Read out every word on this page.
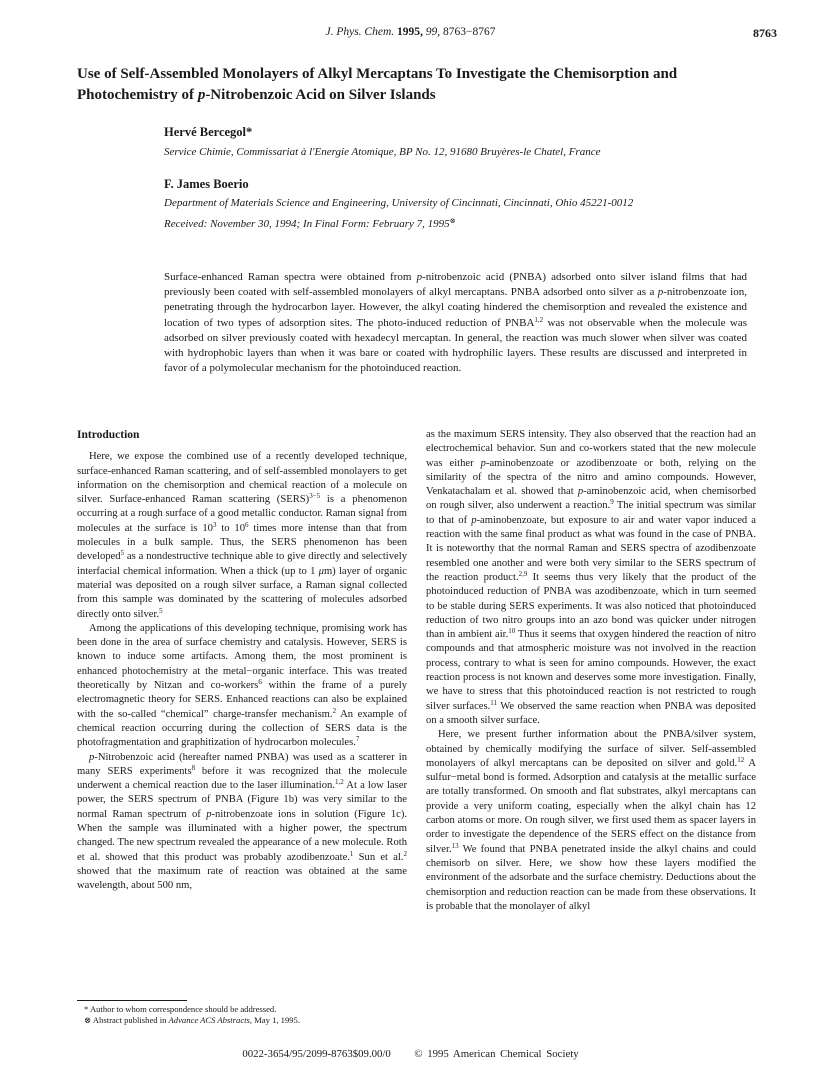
J. Phys. Chem. 1995, 99, 8763−8767	8763
Use of Self-Assembled Monolayers of Alkyl Mercaptans To Investigate the Chemisorption and Photochemistry of p-Nitrobenzoic Acid on Silver Islands
Hervé Bercegol*
Service Chimie, Commissariat à l'Energie Atomique, BP No. 12, 91680 Bruyères-le Chatel, France
F. James Boerio
Department of Materials Science and Engineering, University of Cincinnati, Cincinnati, Ohio 45221-0012
Received: November 30, 1994; In Final Form: February 7, 1995⊗

Surface-enhanced Raman spectra were obtained from p-nitrobenzoic acid (PNBA) adsorbed onto silver island films that had previously been coated with self-assembled monolayers of alkyl mercaptans. PNBA adsorbed onto silver as a p-nitrobenzoate ion, penetrating through the hydrocarbon layer. However, the alkyl coating hindered the chemisorption and revealed the existence and location of two types of adsorption sites. The photo-induced reduction of PNBA$^{1,2}$ was not observable when the molecule was adsorbed on silver previously coated with hexadecyl mercaptan. In general, the reaction was much slower when silver was coated with hydrophobic layers than when it was bare or coated with hydrophilic layers. These results are discussed and interpreted in favor of a polymolecular mechanism for the photoinduced reaction.

Introduction

Here, we expose the combined use of a recently developed technique, surface-enhanced Raman scattering, and of self-assembled monolayers to get information on the chemisorption and chemical reaction of a molecule on silver. Surface-enhanced Raman scattering (SERS)$^{3-5}$ is a phenomenon occurring at a rough surface of a good metallic conductor. Raman signal from molecules at the surface is $10^3$ to $10^6$ times more intense than that from molecules in a bulk sample. Thus, the SERS phenomenon has been developed$^5$ as a nondestructive technique able to give directly and selectively interfacial chemical information. When a thick (up to 1 μm) layer of organic material was deposited on a rough silver surface, a Raman signal collected from this sample was dominated by the scattering of molecules adsorbed directly onto silver.$^5$

Among the applications of this developing technique, promising work has been done in the area of surface chemistry and catalysis. However, SERS is known to induce some artifacts. Among them, the most prominent is enhanced photochemistry at the metal−organic interface. This was treated theoretically by Nitzan and co-workers$^6$ within the frame of a purely electromagnetic theory for SERS. Enhanced reactions can also be explained with the so-called “chemical” charge-transfer mechanism.$^2$ An example of chemical reaction occurring during the collection of SERS data is the photofragmentation and graphitization of hydrocarbon molecules.$^7$

p-Nitrobenzoic acid (hereafter named PNBA) was used as a scatterer in many SERS experiments$^8$ before it was recognized that the molecule underwent a chemical reaction due to the laser illumination.$^{1,2}$ At a low laser power, the SERS spectrum of PNBA (Figure 1b) was very similar to the normal Raman spectrum of p-nitrobenzoate ions in solution (Figure 1c). When the sample was illuminated with a higher power, the spectrum changed. The new spectrum revealed the appearance of a new molecule. Roth et al. showed that this product was probably azodibenzoate.$^1$ Sun et al.$^2$ showed that the maximum rate of reaction was obtained at the same wavelength, about 500 nm,

as the maximum SERS intensity. They also observed that the reaction had an electrochemical behavior. Sun and co-workers stated that the new molecule was either p-aminobenzoate or azodibenzoate or both, relying on the similarity of the spectra of the nitro and amino compounds. However, Venkatachalam et al. showed that p-aminobenzoic acid, when chemisorbed on rough silver, also underwent a reaction.$^9$ The initial spectrum was similar to that of p-aminobenzoate, but exposure to air and water vapor induced a reaction with the same final product as what was found in the case of PNBA. It is noteworthy that the normal Raman and SERS spectra of azodibenzoate resembled one another and were both very similar to the SERS spectrum of the reaction product.$^{2,9}$ It seems thus very likely that the product of the photoinduced reduction of PNBA was azodibenzoate, which in turn seemed to be stable during SERS experiments. It was also noticed that photoinduced reduction of two nitro groups into an azo bond was quicker under nitrogen than in ambient air.$^{10}$ Thus it seems that oxygen hindered the reaction of nitro compounds and that atmospheric moisture was not involved in the reaction process, contrary to what is seen for amino compounds. However, the exact reaction process is not known and deserves some more investigation. Finally, we have to stress that this photoinduced reaction is not restricted to rough silver surfaces.$^{11}$ We observed the same reaction when PNBA was deposited on a smooth silver surface.

Here, we present further information about the PNBA/silver system, obtained by chemically modifying the surface of silver. Self-assembled monolayers of alkyl mercaptans can be deposited on silver and gold.$^{12}$ A sulfur−metal bond is formed. Adsorption and catalysis at the metallic surface are totally transformed. On smooth and flat substrates, alkyl mercaptans can provide a very uniform coating, especially when the alkyl chain has 12 carbon atoms or more. On rough silver, we first used them as spacer layers in order to investigate the dependence of the SERS effect on the distance from silver.$^{13}$ We found that PNBA penetrated inside the alkyl chains and could chemisorb on silver. Here, we show how these layers modified the environment of the adsorbate and the surface chemistry. Deductions about the chemisorption and reduction reaction can be made from these observations. It is probable that the monolayer of alkyl

* Author to whom correspondence should be addressed.
⊗ Abstract published in Advance ACS Abstracts, May 1, 1995.
0022-3654/95/2099-8763$09.00/0 © 1995 American Chemical Society
